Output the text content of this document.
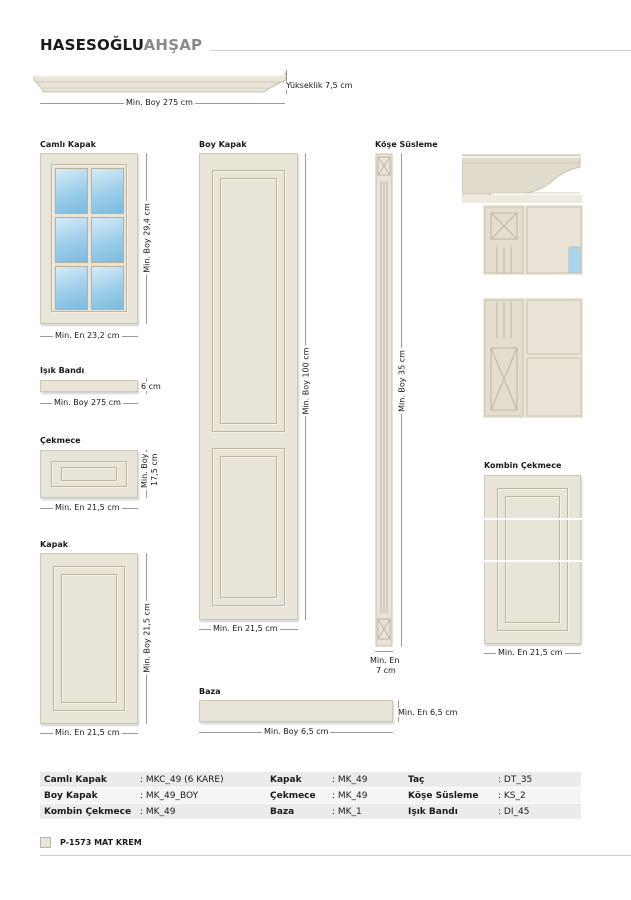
HASESOĞLUAHŞAP
Yükseklik 7,5 cm
Min. Boy 275 cm
Camlı Kapak
Min. Boy 29,4 cm
Min. En 23,2 cm
Işık Bandı
6 cm
Min. Boy 275 cm
Çekmece
Min. Boy 17,5 cm
Min. En 21,5 cm
Kapak
Min. Boy 21,5 cm
Min. En 21,5 cm
Boy Kapak
Min. Boy 100 cm
Min. En 21,5 cm
Köşe Süsleme
Min. Boy 35 cm
Min. En
7 cm
Kombin Çekmece
Min. En 21,5 cm
Baza
Min. En 6,5 cm
Min. Boy 6,5 cm
Camlı Kapak	: MKC_49 (6 KARE)	Kapak	: MK_49	Taç	: DT_35
Boy Kapak	: MK_49_BOY	Çekmece	: MK_49	Köşe Süsleme	: KS_2
Kombin Çekmece : MK_49	Baza	: MK_1	Işık Bandı	: DI_45
P-1573 MAT KREM
